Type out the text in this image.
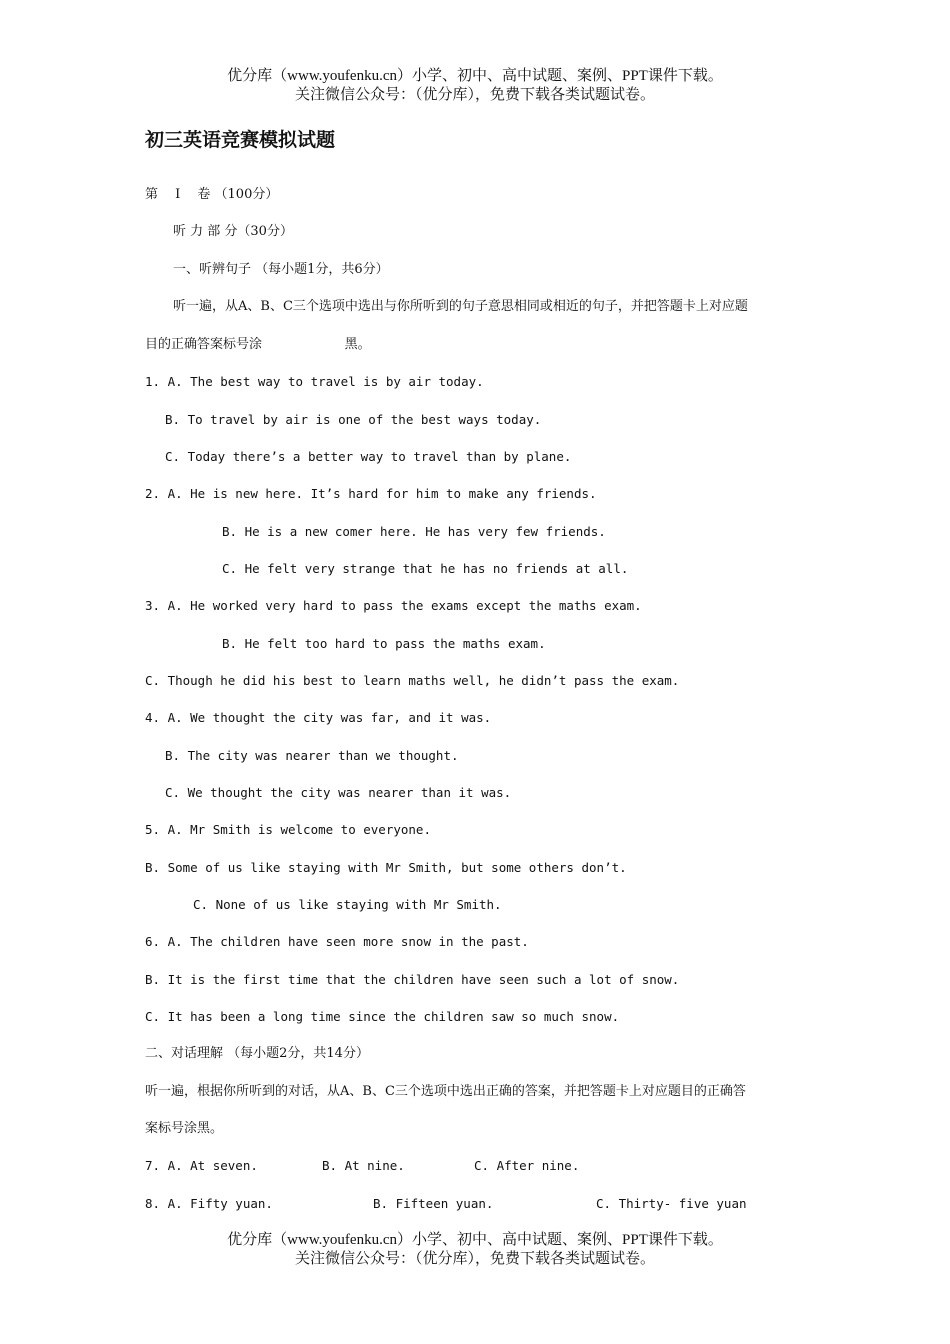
优分库（www.youfenku.cn）小学、初中、高中试题、案例、PPT课件下载。
关注微信公众号：（优分库），免费下载各类试题试卷。
初三英语竞赛模拟试题
第　 I　 卷 （100分）
听 力 部 分（30分）
一、听辨句子 （每小题1分，共6分）
听一遍，从A、B、C三个选项中选出与你所听到的句子意思相同或相近的句子，并把答题卡上对应题
目的正确答案标号涂                    黑。
1. A. The best way to travel is by air today.
B. To travel by air is one of the best ways today.
C. Today there’s a better way to travel than by plane.
2. A. He is new here. It’s hard for him to make any friends.
B. He is a new comer here. He has very few friends.
C. He felt very strange that he has no friends at all.
3. A. He worked very hard to pass the exams except the maths exam.
B. He felt too hard to pass the maths exam.
C. Though he did his best to learn maths well, he didn’t pass the exam.
4. A. We thought the city was far, and it was.
B. The city was nearer than we thought.
C. We thought the city was nearer than it was.
5. A. Mr Smith is welcome to everyone.
B. Some of us like staying with Mr Smith, but some others don’t.
C. None of us like staying with Mr Smith.
6. A. The children have seen more snow in the past.
B. It is the first time that the children have seen such a lot of snow.
C. It has been a long time since the children saw so much snow.
二、对话理解 （每小题2分，共14分）
听一遍，根据你所听到的对话，从A、B、C三个选项中选出正确的答案，并把答题卡上对应题目的正确答
案标号涂黑。
7. A. At seven.	B. At nine.	C. After nine.
8. A. Fifty yuan.	B. Fifteen yuan.	C. Thirty- five yuan
优分库（www.youfenku.cn）小学、初中、高中试题、案例、PPT课件下载。
关注微信公众号：（优分库），免费下载各类试题试卷。
